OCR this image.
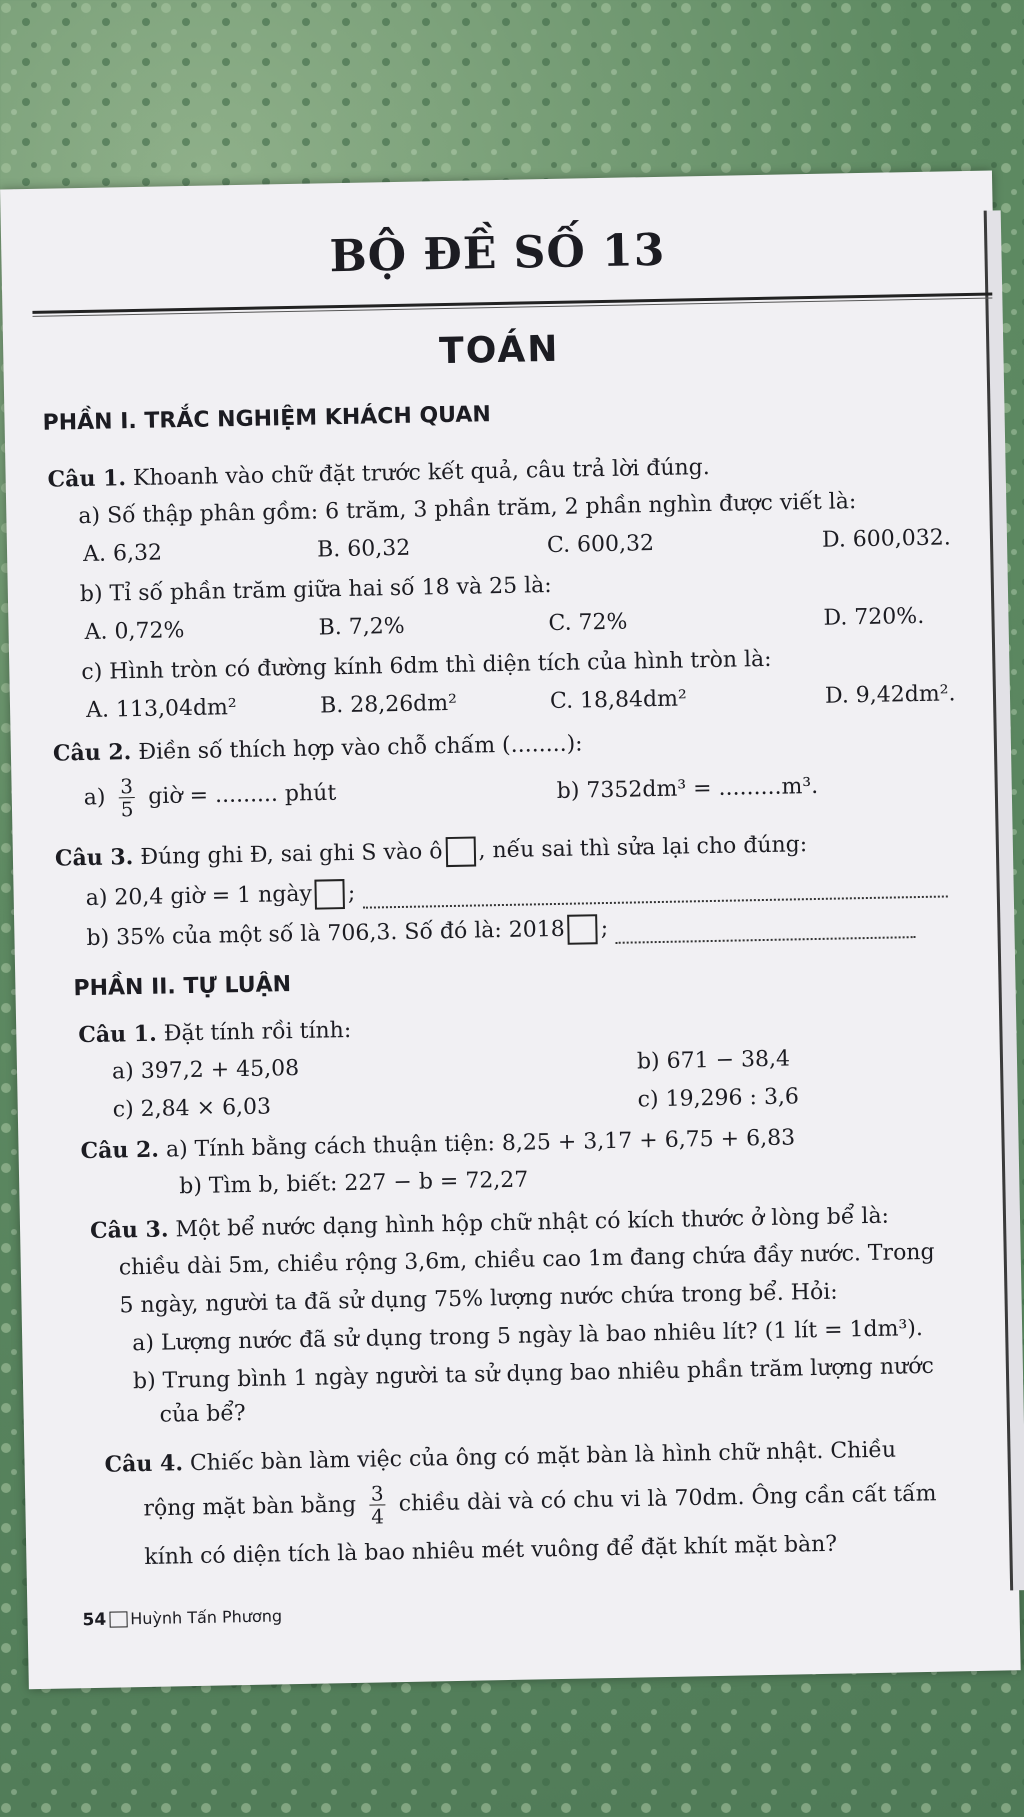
BỘ ĐỀ SỐ 13
TOÁN
PHẦN I. TRẮC NGHIỆM KHÁCH QUAN
Câu 1. Khoanh vào chữ đặt trước kết quả, câu trả lời đúng.
a) Số thập phân gồm: 6 trăm, 3 phần trăm, 2 phần nghìn được viết là:
A. 6,32	B. 60,32	C. 600,32	D. 600,032.
b) Tỉ số phần trăm giữa hai số 18 và 25 là:
A. 0,72%	B. 7,2%	C. 72%	D. 720%.
c) Hình tròn có đường kính 6dm thì diện tích của hình tròn là:
A. 113,04dm²	B. 28,26dm²	C. 18,84dm²	D. 9,42dm².
Câu 2. Điền số thích hợp vào chỗ chấm (........):
$a) \frac{3}{5}$ giờ = ......... phút	b) 7352dm³ = .........m³.
Câu 3. Đúng ghi Đ, sai ghi S vào ô , nếu sai thì sửa lại cho đúng:
a) 20,4 giờ = 1 ngày ;
b) 35% của một số là 706,3. Số đó là: 2018 ;
PHẦN II. TỰ LUẬN
Câu 1. Đặt tính rồi tính:
a) 397,2 + 45,08	b) 671 − 38,4
c) 2,84 × 6,03	c) 19,296 : 3,6
Câu 2. a) Tính bằng cách thuận tiện: 8,25 + 3,17 + 6,75 + 6,83
b) Tìm b, biết: 227 − b = 72,27
Câu 3. Một bể nước dạng hình hộp chữ nhật có kích thước ở lòng bể là:
chiều dài 5m, chiều rộng 3,6m, chiều cao 1m đang chứa đầy nước. Trong
5 ngày, người ta đã sử dụng 75% lượng nước chứa trong bể. Hỏi:
a) Lượng nước đã sử dụng trong 5 ngày là bao nhiêu lít? (1 lít = 1dm³).
b) Trung bình 1 ngày người ta sử dụng bao nhiêu phần trăm lượng nước
của bể?
Câu 4. Chiếc bàn làm việc của ông có mặt bàn là hình chữ nhật. Chiều
rộng mặt bàn bằng $\frac{3}{4}$ chiều dài và có chu vi là 70dm. Ông cần cất tấm
kính có diện tích là bao nhiêu mét vuông để đặt khít mặt bàn?
54 Huỳnh Tấn Phương
